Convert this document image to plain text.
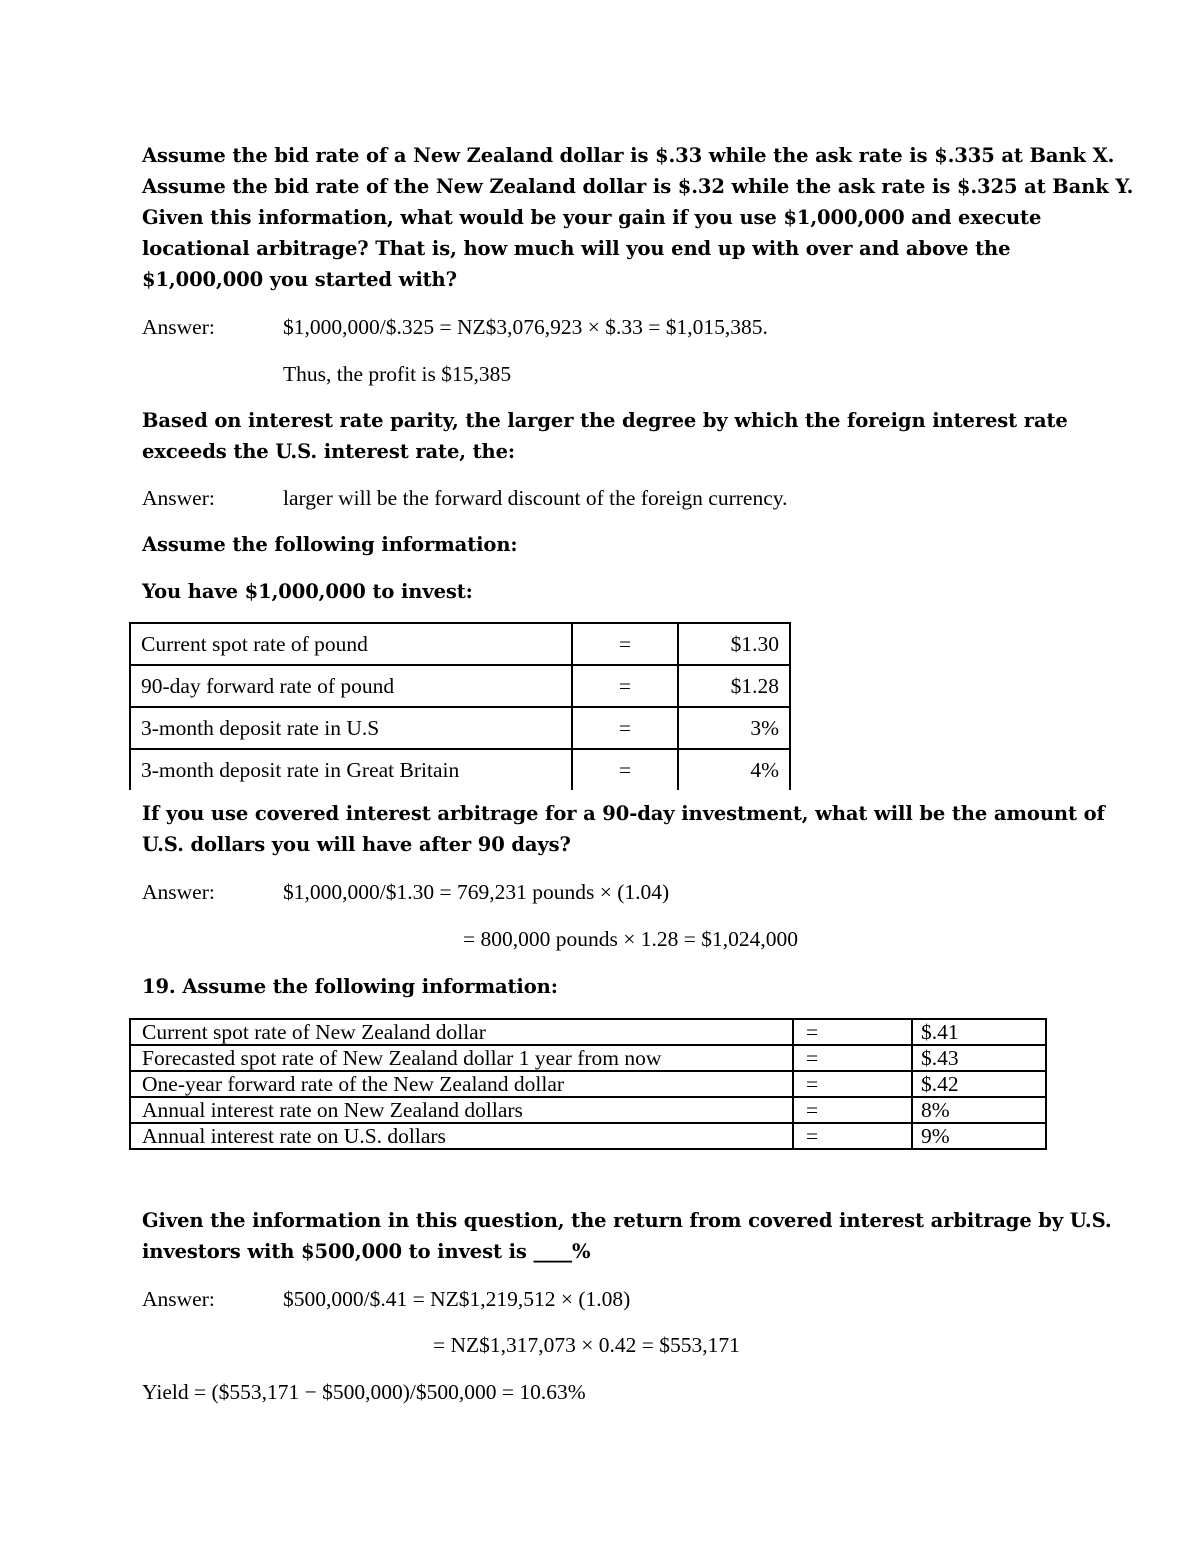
Assume the bid rate of a New Zealand dollar is $.33 while the ask rate is $.335 at Bank X.
Assume the bid rate of the New Zealand dollar is $.32 while the ask rate is $.325 at Bank Y.
Given this information, what would be your gain if you use $1,000,000 and execute
locational arbitrage? That is, how much will you end up with over and above the
$1,000,000 you started with?
Answer:	$1,000,000/$.325 = NZ$3,076,923 × $.33 = $1,015,385.
Thus, the profit is $15,385
Based on interest rate parity, the larger the degree by which the foreign interest rate
exceeds the U.S. interest rate, the:
Answer:	larger will be the forward discount of the foreign currency.
Assume the following information:
You have $1,000,000 to invest:
Current spot rate of pound	=	$1.30
90-day forward rate of pound	=	$1.28
3-month deposit rate in U.S	=	3%
3-month deposit rate in Great Britain	=	4%
If you use covered interest arbitrage for a 90-day investment, what will be the amount of
U.S. dollars you will have after 90 days?
Answer:	$1,000,000/$1.30 = 769,231 pounds × (1.04)
= 800,000 pounds × 1.28 = $1,024,000
19. Assume the following information:
Current spot rate of New Zealand dollar	=	$.41
Forecasted spot rate of New Zealand dollar 1 year from now	=	$.43
One-year forward rate of the New Zealand dollar	=	$.42
Annual interest rate on New Zealand dollars	=	8%
Annual interest rate on U.S. dollars	=	9%
Given the information in this question, the return from covered interest arbitrage by U.S.
investors with $500,000 to invest is ____%
Answer:	$500,000/$.41 = NZ$1,219,512 × (1.08)
= NZ$1,317,073 × 0.42 = $553,171
Yield = ($553,171 − $500,000)/$500,000 = 10.63%
